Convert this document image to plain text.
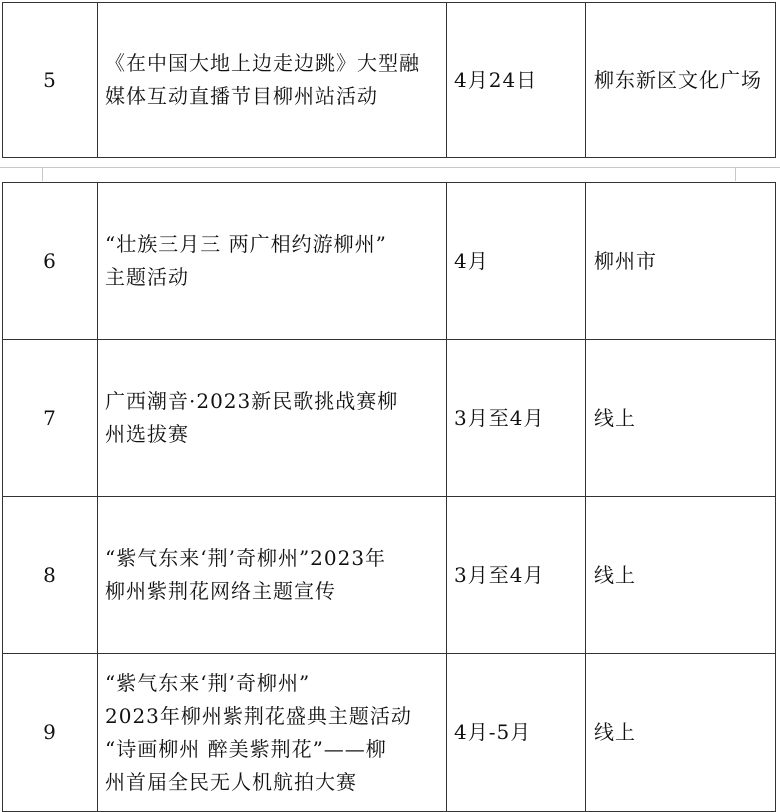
5	
《在中国大地上边走边跳》大型融
媒体互动直播节目柳州站活动
	4月24日	柳东新区文化广场
6	“壮族三月三 两广相约游柳州”
主题活动	4月	柳州市
7	广西潮音·2023新民歌挑战赛柳
州选拔赛	3月至4月	线上
8	“紫气东来‘荆’奇柳州”2023年
柳州紫荆花网络主题宣传	3月至4月	线上
9	“紫气东来‘荆’奇柳州”
2023年柳州紫荆花盛典主题活动
“诗画柳州 醉美紫荆花”——柳
州首届全民无人机航拍大赛	4月-5月	线上
